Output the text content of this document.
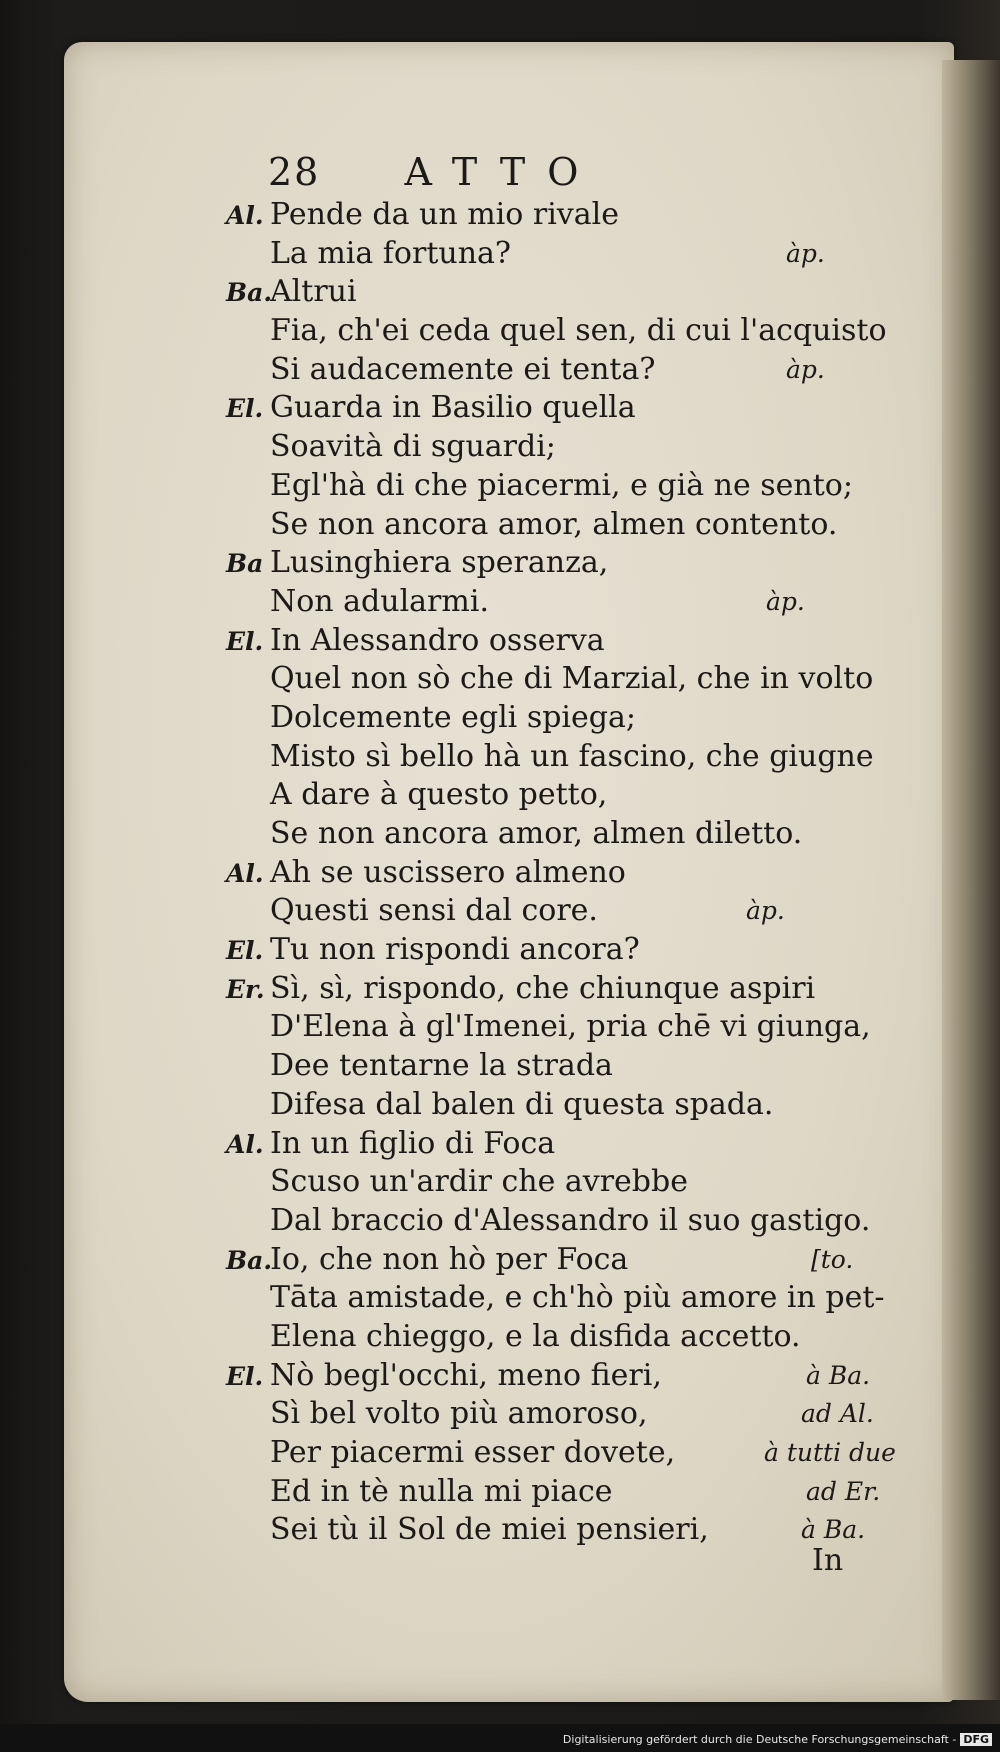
28 ATTO
Al. Pende da un mio rivale
La mia fortuna?	àp.
Ba.Altrui
Fia, ch'ei ceda quel sen, di cui l'acquisto
Si audacemente ei tenta?	àp.
El. Guarda in Basilio quella
Soavità di sguardi;
Egl'hà di che piacermi, e già ne sento;
Se non ancora amor, almen contento.
Ba Lusinghiera speranza,
Non adularmi.	àp.
El. In Alessandro osserva
Quel non sò che di Marzial, che in volto
Dolcemente egli spiega;
Misto sì bello hà un fascino, che giugne
A dare à questo petto,
Se non ancora amor, almen diletto.
Al. Ah se uscissero almeno
Questi sensi dal core.	àp.
El. Tu non rispondi ancora?
Er. Sì, sì, rispondo, che chiunque aspiri
D'Elena à gl'Imenei, pria chē vi giunga,
Dee tentarne la strada
Difesa dal balen di questa spada.
Al. In un figlio di Foca
Scuso un'ardir che avrebbe
Dal braccio d'Alessandro il suo gastigo.
Ba.Io, che non hò per Foca	[to.
Tāta amistade, e ch'hò più amore in pet-
Elena chieggo, e la disfida accetto.
El. Nò begl'occhi, meno fieri,	à Ba.
Sì bel volto più amoroso,	ad Al.
Per piacermi esser dovete,	à tutti due
Ed in tè nulla mi piace	ad Er.
Sei tù il Sol de miei pensieri,	à Ba.
In
Digitalisierung gefördert durch die Deutsche Forschungsgemeinschaft - DFG
